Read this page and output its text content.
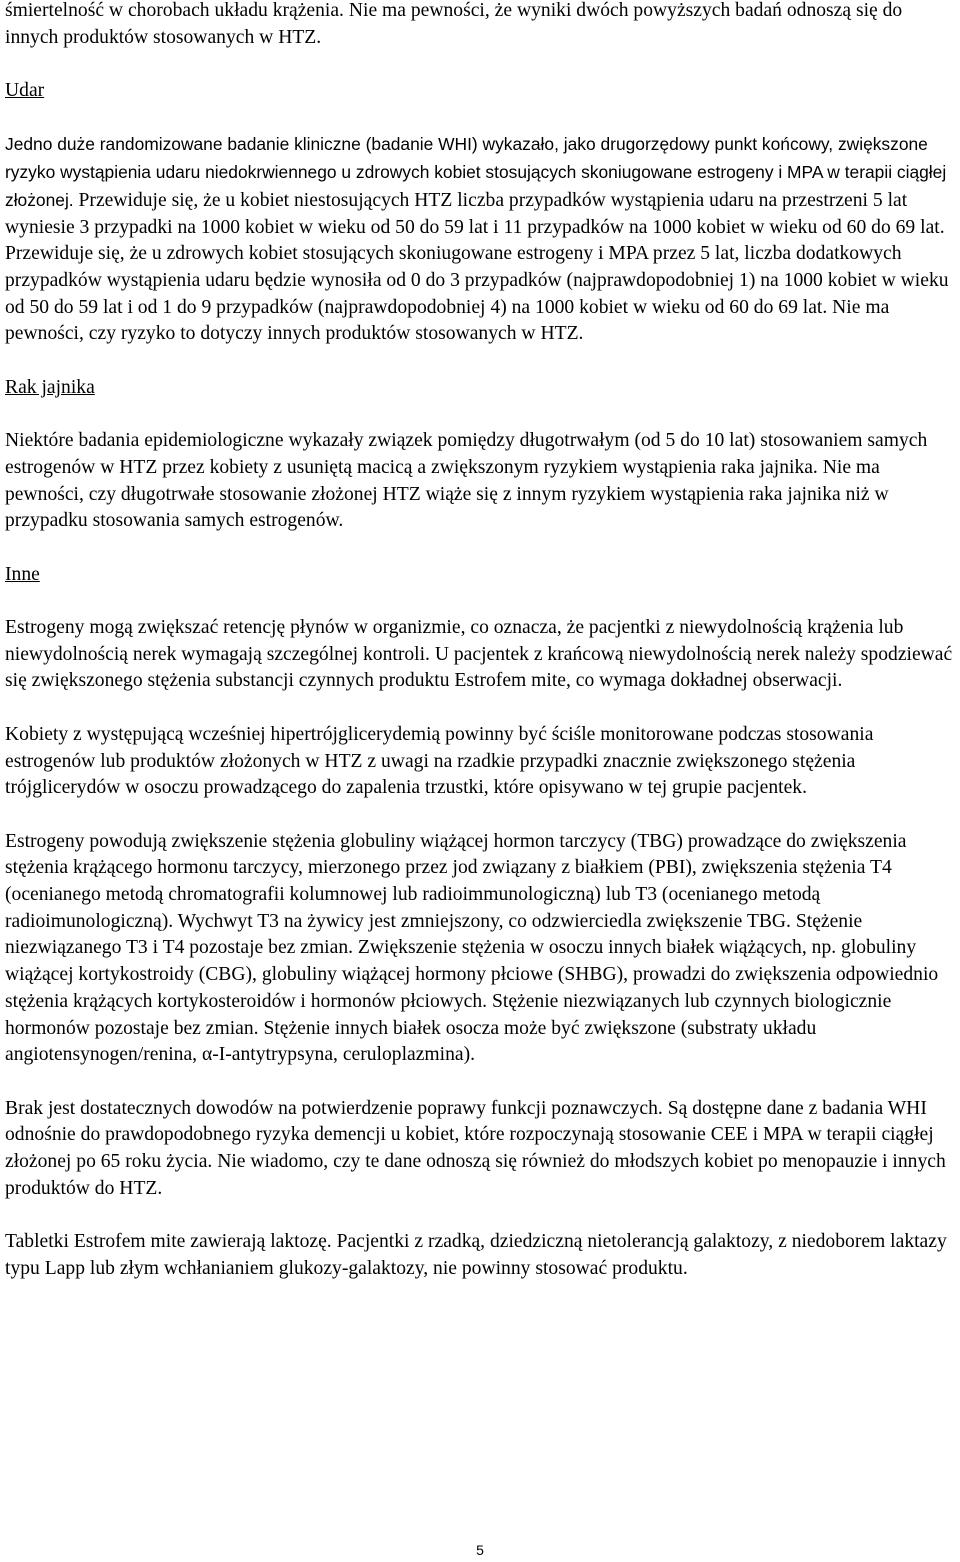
śmiertelność w chorobach układu krążenia. Nie ma pewności, że wyniki dwóch powyższych badań odnoszą się do innych produktów stosowanych w HTZ.

Udar

Jedno duże randomizowane badanie kliniczne (badanie WHI) wykazało, jako drugorzędowy punkt końcowy, zwiększone ryzyko wystąpienia udaru niedokrwiennego u zdrowych kobiet stosujących skoniugowane estrogeny i MPA w terapii ciągłej złożonej. Przewiduje się, że u kobiet niestosujących HTZ liczba przypadków wystąpienia udaru na przestrzeni 5 lat wyniesie 3 przypadki na 1000 kobiet w wieku od 50 do 59 lat i 11 przypadków na 1000 kobiet w wieku od 60 do 69 lat. Przewiduje się, że u zdrowych kobiet stosujących skoniugowane estrogeny i MPA przez 5 lat, liczba dodatkowych przypadków wystąpienia udaru będzie wynosiła od 0 do 3 przypadków (najprawdopodobniej 1) na 1000 kobiet w wieku od 50 do 59 lat i od 1 do 9 przypadków (najprawdopodobniej 4) na 1000 kobiet w wieku od 60 do 69 lat. Nie ma pewności, czy ryzyko to dotyczy innych produktów stosowanych w HTZ.

Rak jajnika

Niektóre badania epidemiologiczne wykazały związek pomiędzy długotrwałym (od 5 do 10 lat) stosowaniem samych estrogenów w HTZ przez kobiety z usuniętą macicą a zwiększonym ryzykiem wystąpienia raka jajnika. Nie ma pewności, czy długotrwałe stosowanie złożonej HTZ wiąże się z innym ryzykiem wystąpienia raka jajnika niż w przypadku stosowania samych estrogenów.

Inne

Estrogeny mogą zwiększać retencję płynów w organizmie, co oznacza, że pacjentki z niewydolnością krążenia lub niewydolnością nerek wymagają szczególnej kontroli. U pacjentek z krańcową niewydolnością nerek należy spodziewać się zwiększonego stężenia substancji czynnych produktu Estrofem mite, co wymaga dokładnej obserwacji.

Kobiety z występującą wcześniej hipertrójglicerydemią powinny być ściśle monitorowane podczas stosowania estrogenów lub produktów złożonych w HTZ z uwagi na rzadkie przypadki znacznie zwiększonego stężenia trójglicerydów w osoczu prowadzącego do zapalenia trzustki, które opisywano w tej grupie pacjentek.

Estrogeny powodują zwiększenie stężenia globuliny wiążącej hormon tarczycy (TBG) prowadzące do zwiększenia stężenia krążącego hormonu tarczycy, mierzonego przez jod związany z białkiem (PBI), zwiększenia stężenia T4 (ocenianego metodą chromatografii kolumnowej lub radioimmunologiczną) lub T3 (ocenianego metodą radioimunologiczną). Wychwyt T3 na żywicy jest zmniejszony, co odzwierciedla zwiększenie TBG. Stężenie niezwiązanego T3 i T4 pozostaje bez zmian. Zwiększenie stężenia w osoczu innych białek wiążących, np. globuliny wiążącej kortykostroidy (CBG), globuliny wiążącej hormony płciowe (SHBG), prowadzi do zwiększenia odpowiednio stężenia krążących kortykosteroidów i hormonów płciowych. Stężenie niezwiązanych lub czynnych biologicznie hormonów pozostaje bez zmian. Stężenie innych białek osocza może być zwiększone (substraty układu angiotensynogen/renina, α-I-antytrypsyna, ceruloplazmina).

Brak jest dostatecznych dowodów na potwierdzenie poprawy funkcji poznawczych. Są dostępne dane z badania WHI odnośnie do prawdopodobnego ryzyka demencji u kobiet, które rozpoczynają stosowanie CEE i MPA w terapii ciągłej złożonej po 65 roku życia. Nie wiadomo, czy te dane odnoszą się również do młodszych kobiet po menopauzie i innych produktów do HTZ.

Tabletki Estrofem mite zawierają laktozę. Pacjentki z rzadką, dziedziczną nietolerancją galaktozy, z niedoborem laktazy typu Lapp lub złym wchłanianiem glukozy-galaktozy, nie powinny stosować produktu.

5
